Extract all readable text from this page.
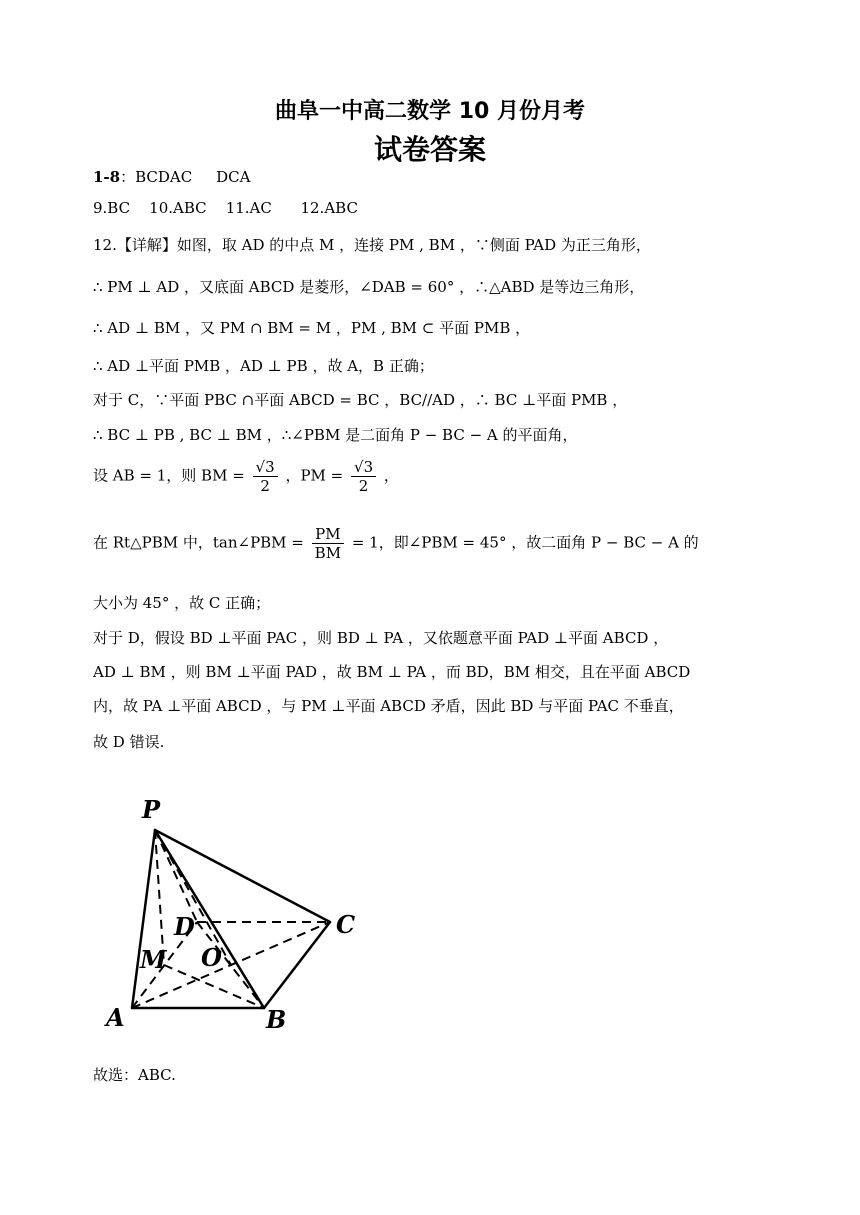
曲阜一中高二数学 10 月份月考
试卷答案
1-8：BCDAC     DCA
9.BC    10.ABC    11.AC      12.ABC
12.【详解】如图，取 AD 的中点 M ，连接 PM , BM ，∵侧面 PAD 为正三角形，
∴ PM ⊥ AD ，又底面 ABCD 是菱形，∠DAB = 60° ，∴△ABD 是等边三角形，
∴ AD ⊥ BM ，又 PM ∩ BM = M ，PM , BM ⊂ 平面 PMB ，
∴ AD ⊥平面 PMB ，AD ⊥ PB ，故 A，B 正确；
对于 C，∵平面 PBC ∩平面 ABCD = BC ，BC//AD ，∴ BC ⊥平面 PMB ，
∴ BC ⊥ PB , BC ⊥ BM ，∴∠PBM 是二面角 P − BC − A 的平面角，
设 AB = 1，则 BM = $\frac{√3}{2}$ ，PM = $\frac{√3}{2}$ ，
在 Rt△PBM 中，tan∠PBM = $\frac{PM}{BM} = 1$，即∠PBM = 45° ，故二面角 P − BC − A 的
大小为 45° ，故 C 正确；
对于 D，假设 BD ⊥平面 PAC ，则 BD ⊥ PA ，又依题意平面 PAD ⊥平面 ABCD ，
AD ⊥ BM ，则 BM ⊥平面 PAD ，故 BM ⊥ PA ，而 BD，BM 相交，且在平面 ABCD
内，故 PA ⊥平面 ABCD ，与 PM ⊥平面 ABCD 矛盾，因此 BD 与平面 PAC 不垂直，
故 D 错误.
P
A	B
C
D
M O
故选：ABC.
